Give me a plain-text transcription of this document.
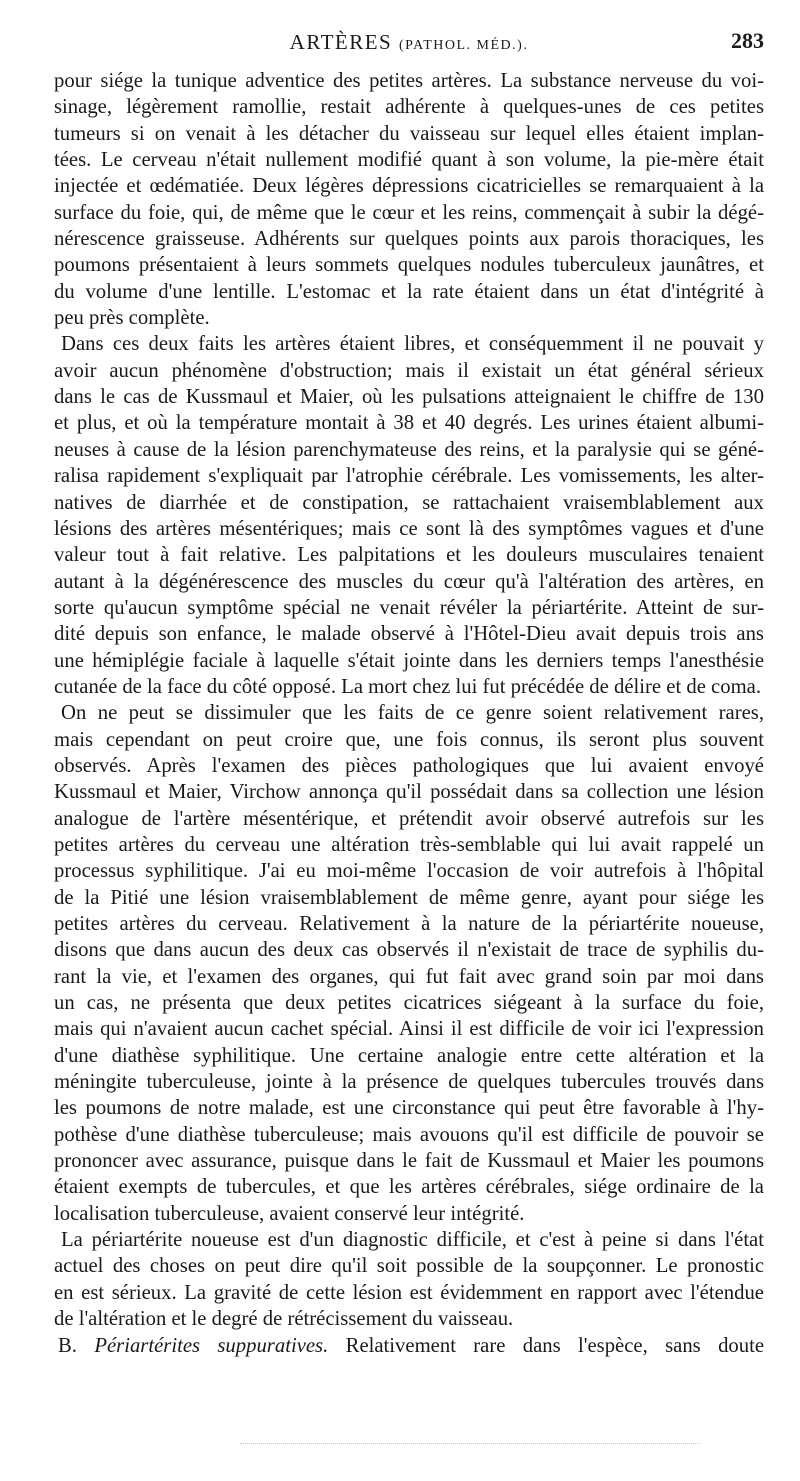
ARTÈRES (PATHOL. MÉD.).	283
pour siége la tunique adventice des petites artères. La substance nerveuse du voi-
sinage, légèrement ramollie, restait adhérente à quelques-unes de ces petites
tumeurs si on venait à les détacher du vaisseau sur lequel elles étaient implan-
tées. Le cerveau n'était nullement modifié quant à son volume, la pie-mère était
injectée et œdématiée. Deux légères dépressions cicatricielles se remarquaient à la
surface du foie, qui, de même que le cœur et les reins, commençait à subir la dégé-
nérescence graisseuse. Adhérents sur quelques points aux parois thoraciques, les
poumons présentaient à leurs sommets quelques nodules tuberculeux jaunâtres, et
du volume d'une lentille. L'estomac et la rate étaient dans un état d'intégrité à
peu près complète.
Dans ces deux faits les artères étaient libres, et conséquemment il ne pouvait y
avoir aucun phénomène d'obstruction; mais il existait un état général sérieux
dans le cas de Kussmaul et Maier, où les pulsations atteignaient le chiffre de 130
et plus, et où la température montait à 38 et 40 degrés. Les urines étaient albumi-
neuses à cause de la lésion parenchymateuse des reins, et la paralysie qui se géné-
ralisa rapidement s'expliquait par l'atrophie cérébrale. Les vomissements, les alter-
natives de diarrhée et de constipation, se rattachaient vraisemblablement aux
lésions des artères mésentériques; mais ce sont là des symptômes vagues et d'une
valeur tout à fait relative. Les palpitations et les douleurs musculaires tenaient
autant à la dégénérescence des muscles du cœur qu'à l'altération des artères, en
sorte qu'aucun symptôme spécial ne venait révéler la périartérite. Atteint de sur-
dité depuis son enfance, le malade observé à l'Hôtel-Dieu avait depuis trois ans
une hémiplégie faciale à laquelle s'était jointe dans les derniers temps l'anesthésie
cutanée de la face du côté opposé. La mort chez lui fut précédée de délire et de coma.
On ne peut se dissimuler que les faits de ce genre soient relativement rares,
mais cependant on peut croire que, une fois connus, ils seront plus souvent
observés. Après l'examen des pièces pathologiques que lui avaient envoyé
Kussmaul et Maier, Virchow annonça qu'il possédait dans sa collection une lésion
analogue de l'artère mésentérique, et prétendit avoir observé autrefois sur les
petites artères du cerveau une altération très-semblable qui lui avait rappelé un
processus syphilitique. J'ai eu moi-même l'occasion de voir autrefois à l'hôpital
de la Pitié une lésion vraisemblablement de même genre, ayant pour siége les
petites artères du cerveau. Relativement à la nature de la périartérite noueuse,
disons que dans aucun des deux cas observés il n'existait de trace de syphilis du-
rant la vie, et l'examen des organes, qui fut fait avec grand soin par moi dans
un cas, ne présenta que deux petites cicatrices siégeant à la surface du foie,
mais qui n'avaient aucun cachet spécial. Ainsi il est difficile de voir ici l'expression
d'une diathèse syphilitique. Une certaine analogie entre cette altération et la
méningite tuberculeuse, jointe à la présence de quelques tubercules trouvés dans
les poumons de notre malade, est une circonstance qui peut être favorable à l'hy-
pothèse d'une diathèse tuberculeuse; mais avouons qu'il est difficile de pouvoir se
prononcer avec assurance, puisque dans le fait de Kussmaul et Maier les poumons
étaient exempts de tubercules, et que les artères cérébrales, siége ordinaire de la
localisation tuberculeuse, avaient conservé leur intégrité.
La périartérite noueuse est d'un diagnostic difficile, et c'est à peine si dans l'état
actuel des choses on peut dire qu'il soit possible de la soupçonner. Le pronostic
en est sérieux. La gravité de cette lésion est évidemment en rapport avec l'étendue
de l'altération et le degré de rétrécissement du vaisseau.
B. Périartérites suppuratives. Relativement rare dans l'espèce, sans doute
